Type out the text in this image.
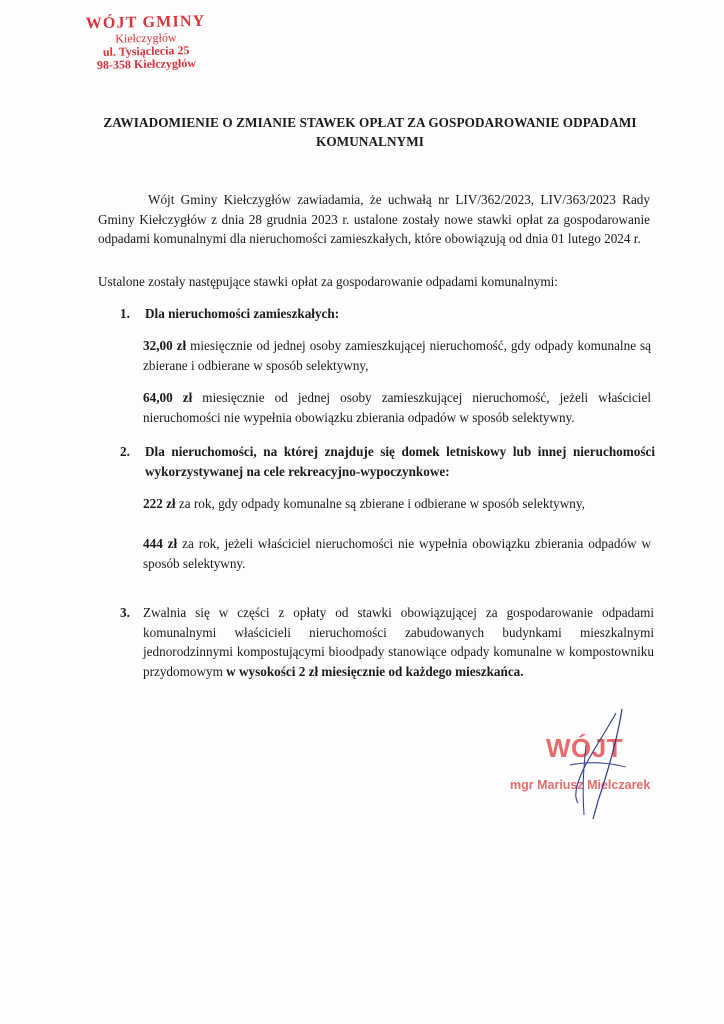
WÓJT GMINY
Kiełczygłów
ul. Tysiąclecia 25
98-358 Kiełczygłów
ZAWIADOMIENIE O ZMIANIE STAWEK OPŁAT ZA GOSPODAROWANIE ODPADAMI KOMUNALNYMI
Wójt Gminy Kiełczygłów zawiadamia, że uchwałą nr LIV/362/2023, LIV/363/2023 Rady Gminy Kiełczygłów z dnia 28 grudnia 2023 r. ustalone zostały nowe stawki opłat za gospodarowanie odpadami komunalnymi dla nieruchomości zamieszkałych, które obowiązują od dnia 01 lutego 2024 r.
Ustalone zostały następujące stawki opłat za gospodarowanie odpadami komunalnymi:
1. Dla nieruchomości zamieszkałych:
32,00 zł miesięcznie od jednej osoby zamieszkującej nieruchomość, gdy odpady komunalne są zbierane i odbierane w sposób selektywny,
64,00 zł miesięcznie od jednej osoby zamieszkującej nieruchomość, jeżeli właściciel nieruchomości nie wypełnia obowiązku zbierania odpadów w sposób selektywny.
2. Dla nieruchomości, na której znajduje się domek letniskowy lub innej nieruchomości wykorzystywanej na cele rekreacyjno-wypoczynkowe:
222 zł za rok, gdy odpady komunalne są zbierane i odbierane w sposób selektywny,
444 zł za rok, jeżeli właściciel nieruchomości nie wypełnia obowiązku zbierania odpadów w sposób selektywny.
3. Zwalnia się w części z opłaty od stawki obowiązującej za gospodarowanie odpadami komunalnymi właścicieli nieruchomości zabudowanych budynkami mieszkalnymi jednorodzinnymi kompostującymi bioodpady stanowiące odpady komunalne w kompostowniku przydomowym w wysokości 2 zł miesięcznie od każdego mieszkańca.
WÓJT
mgr Mariusz Mielczarek
